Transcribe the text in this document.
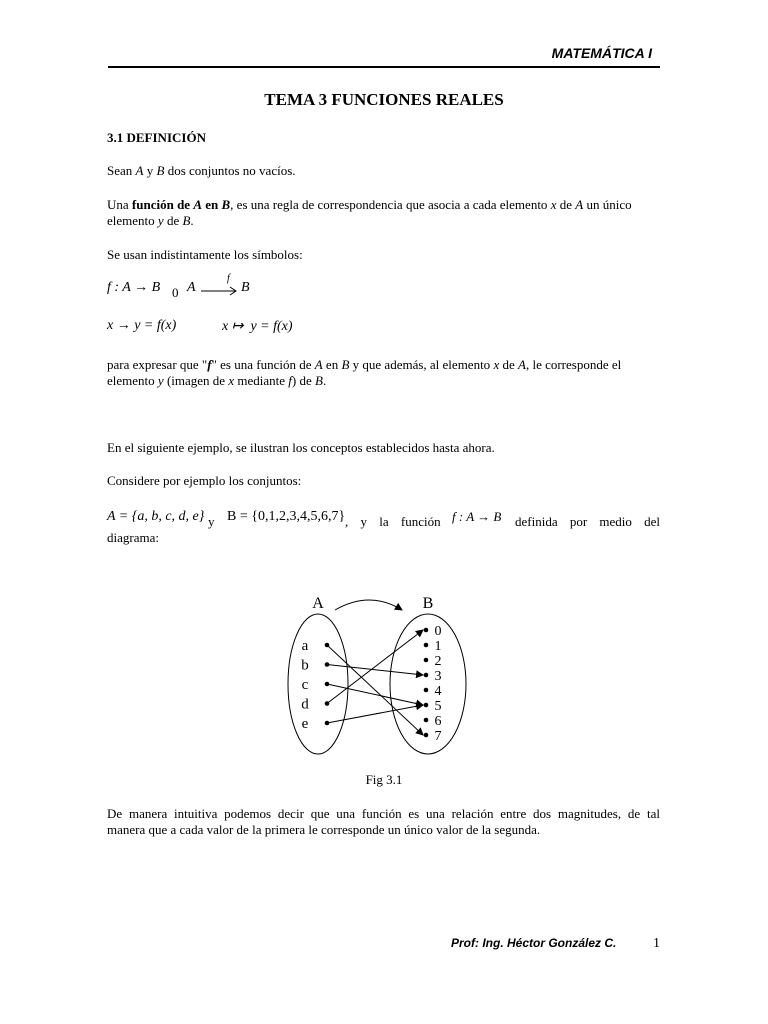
MATEMÁTICA I
TEMA 3 FUNCIONES REALES
3.1 DEFINICIÓN
Sean A y B dos conjuntos no vacíos.
Una función de A en B, es una regla de correspondencia que asocia a cada elemento x de A un único elemento y de B.
Se usan indistintamente los símbolos:
f : A → B 0 A
f
B
x → y = f(x)	x ↦  y = f(x)
para expresar que "f" es una función de A en B y que además, al elemento x de A, le corresponde el elemento y (imagen de x mediante f) de B.
En el siguiente ejemplo, se ilustran los conceptos establecidos hasta ahora.
Considere por ejemplo los conjuntos:
A = {a, b, c, d, e} y B = {0,1,2,3,4,5,6,7} , y la función f : A → B definida por medio del
diagrama:
A	B
a
b
c
d
e
0
1
2
3
4
5
6
7
Fig 3.1
De manera intuitiva podemos decir que una función es una relación entre dos magnitudes, de tal
manera que a cada valor de la primera le corresponde un único valor de la segunda.
Prof: Ing. Héctor González C.	1
